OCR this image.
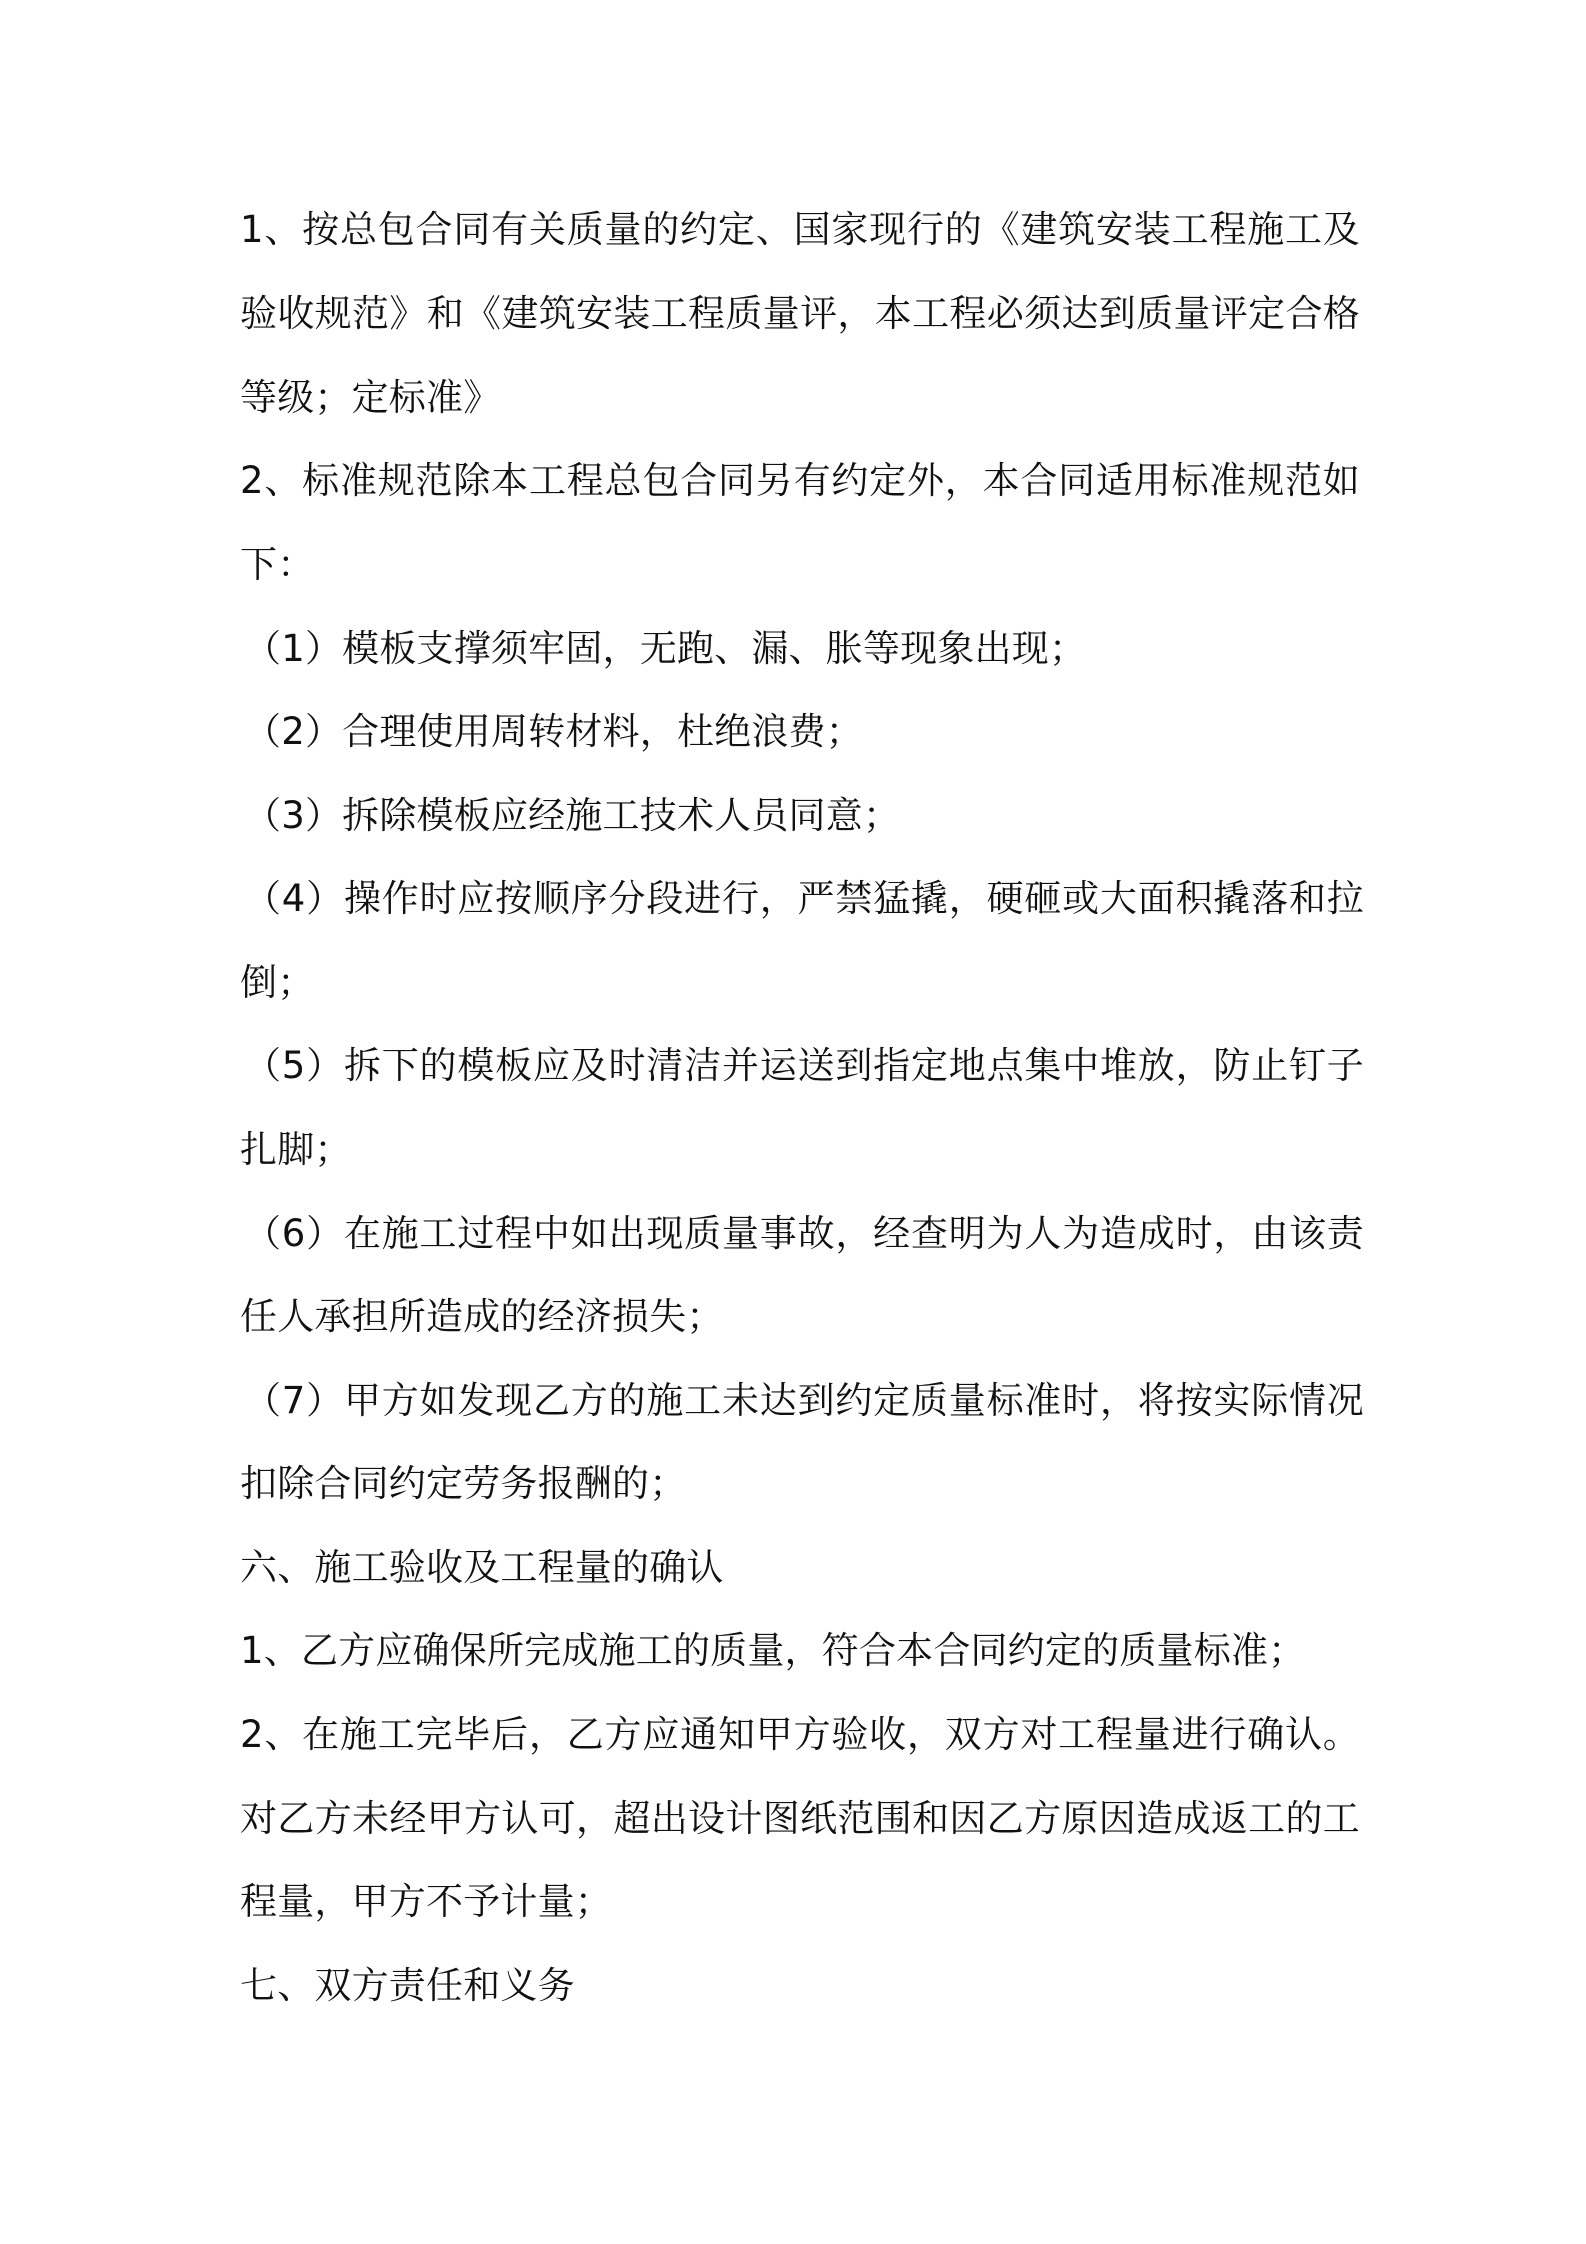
1、按总包合同有关质量的约定、国家现行的《建筑安装工程施工及
验收规范》和《建筑安装工程质量评，本工程必须达到质量评定合格
等级；定标准》
2、标准规范除本工程总包合同另有约定外，本合同适用标准规范如
下：
（1）模板支撑须牢固，无跑、漏、胀等现象出现；
（2）合理使用周转材料，杜绝浪费；
（3）拆除模板应经施工技术人员同意；
（4）操作时应按顺序分段进行，严禁猛撬，硬砸或大面积撬落和拉
倒；
（5）拆下的模板应及时清洁并运送到指定地点集中堆放，防止钉子
扎脚；
（6）在施工过程中如出现质量事故，经查明为人为造成时，由该责
任人承担所造成的经济损失；
（7）甲方如发现乙方的施工未达到约定质量标准时，将按实际情况
扣除合同约定劳务报酬的；
六、施工验收及工程量的确认
1、乙方应确保所完成施工的质量，符合本合同约定的质量标准；
2、在施工完毕后，乙方应通知甲方验收，双方对工程量进行确认。
对乙方未经甲方认可，超出设计图纸范围和因乙方原因造成返工的工
程量，甲方不予计量；
七、双方责任和义务
